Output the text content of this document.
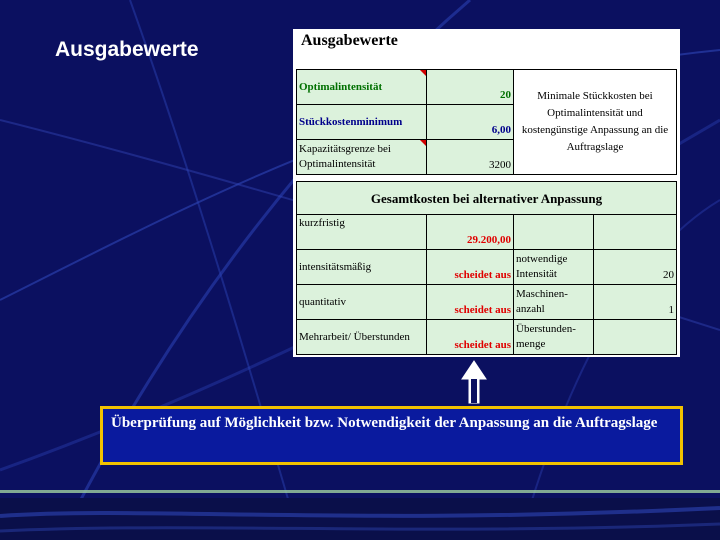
Ausgabewerte	Ausgabewerte
Optimalintensität	20	Minimale Stückkosten bei Optimalintensität und kostengünstige Anpassung an die Auftragslage
Stückkostenminimum	6,00	
Kapazitätsgrenze bei Optimalintensität	3200	
Gesamtkosten bei alternativer Anpassung			
kurzfristig	29.200,00		
intensitätsmäßig	scheidet aus	notwendige Intensität	20
quantitativ	scheidet aus	Maschinen-anzahl	1
Mehrarbeit/ Überstunden	scheidet aus	Überstunden-menge	
Überprüfung auf Möglichkeit bzw. Notwendigkeit der Anpassung an die Auftragslage
